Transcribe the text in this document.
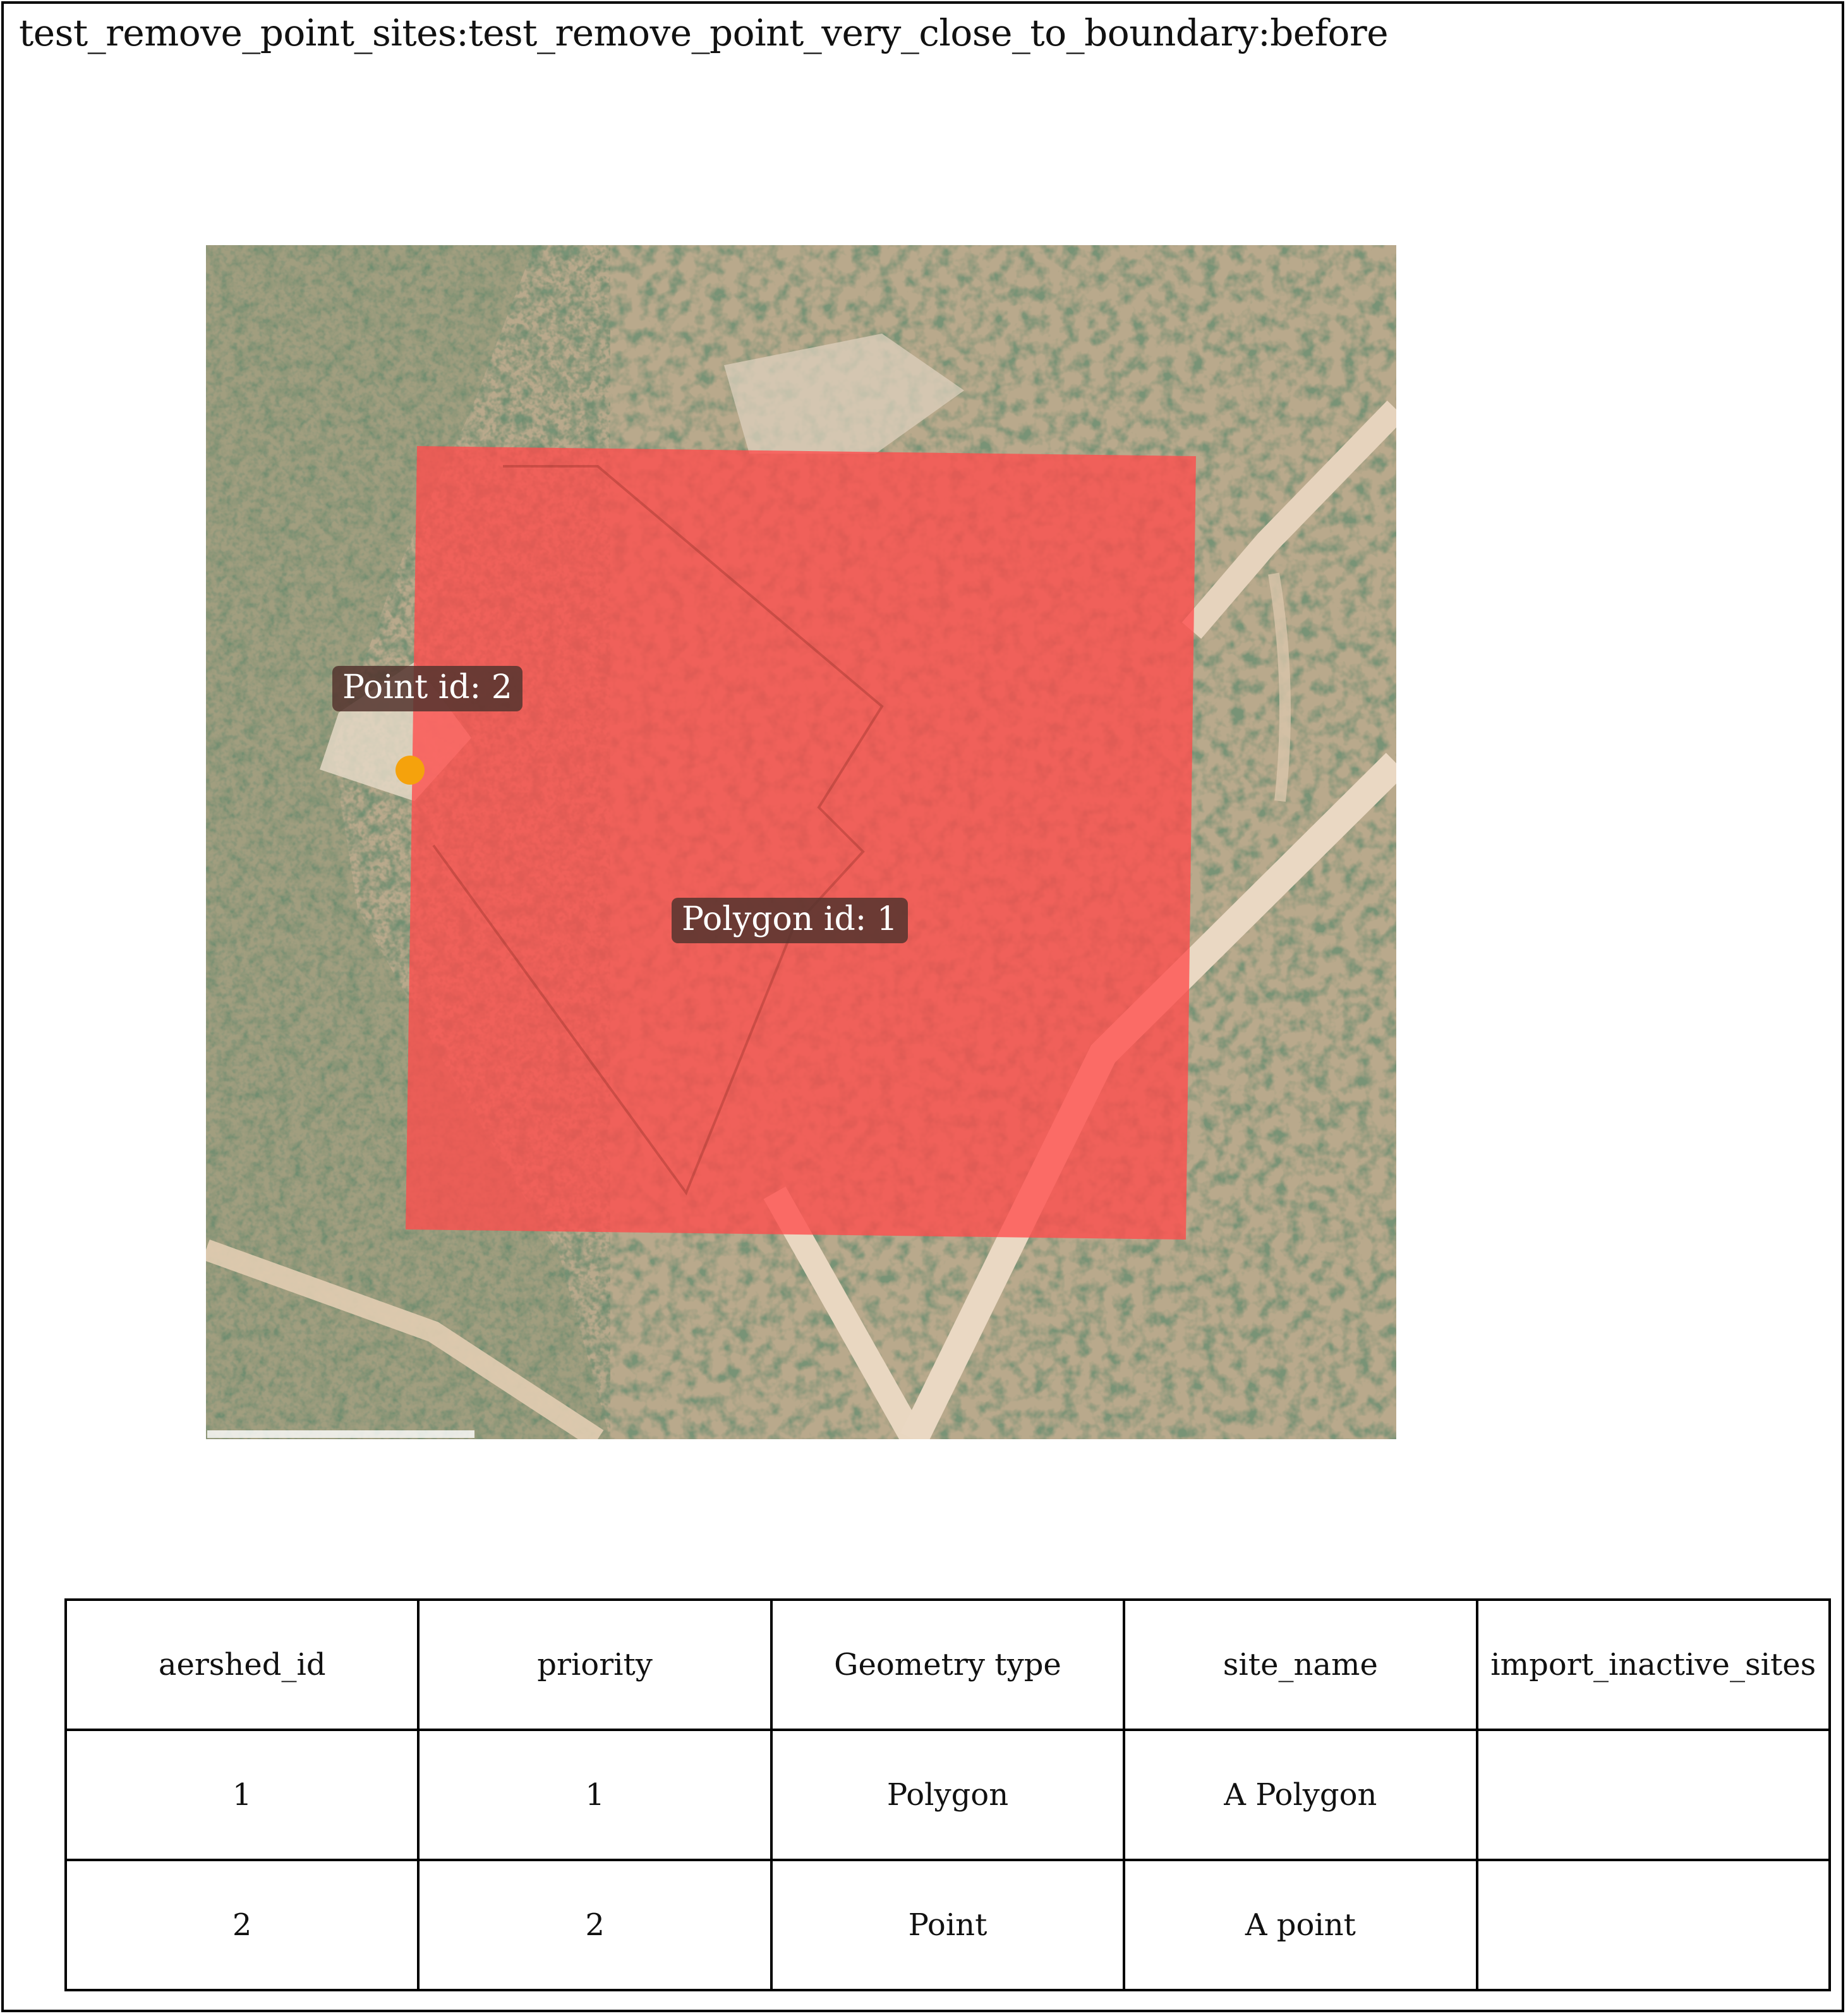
test_remove_point_sites:test_remove_point_very_close_to_boundary:before
Point id: 2
Polygon id: 1
aershed_id	priority	Geometry type	site_name	import_inactive_sites
1	1	Polygon	A Polygon	
2	2	Point	A point	
